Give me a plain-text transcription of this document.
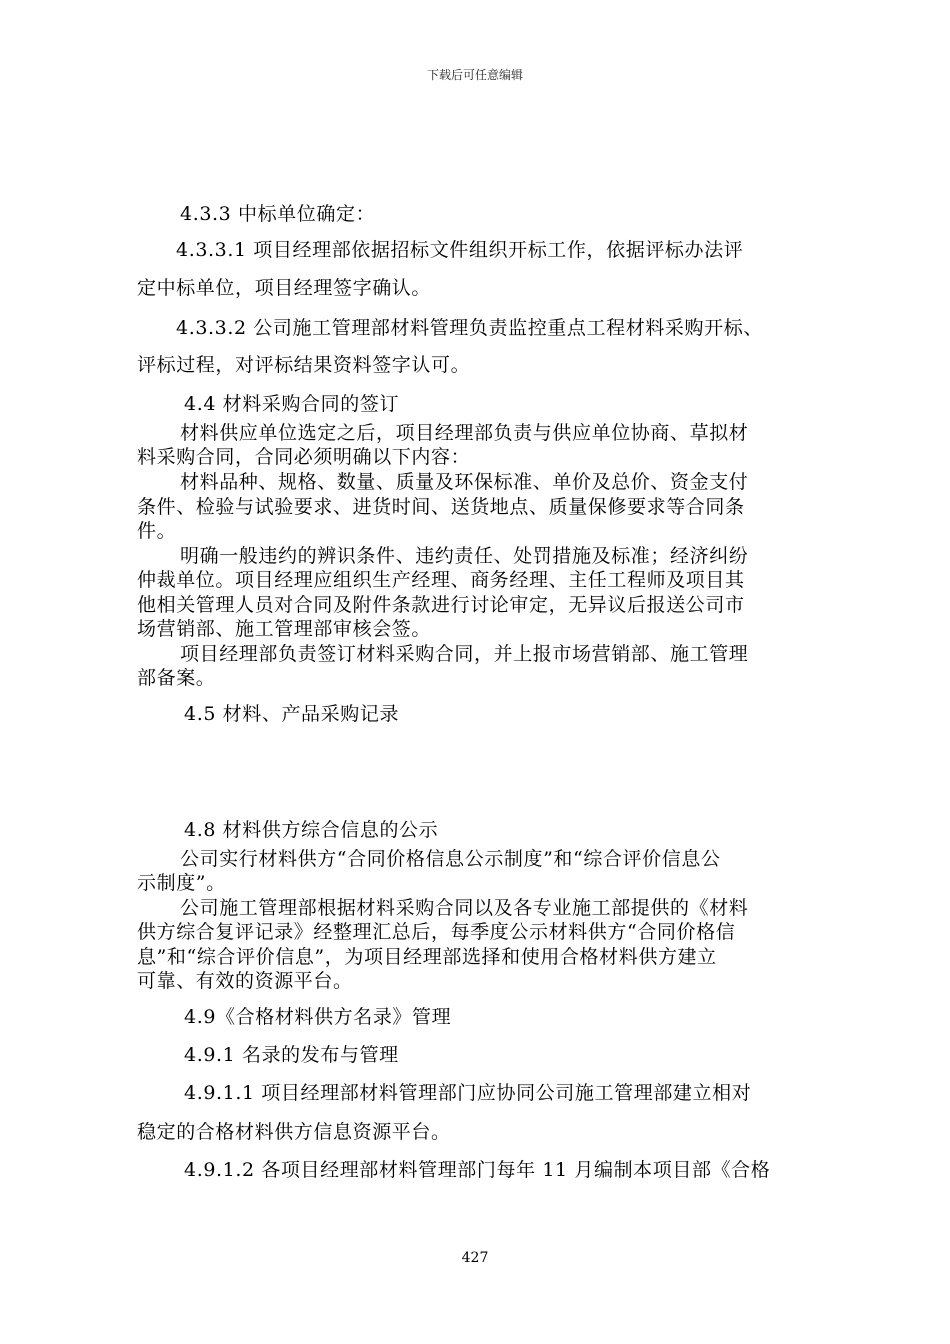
下载后可任意编辑
4.3.3 中标单位确定：
4.3.3.1 项目经理部依据招标文件组织开标工作，依据评标办法评
定中标单位，项目经理签字确认。
4.3.3.2 公司施工管理部材料管理负责监控重点工程材料采购开标、
评标过程，对评标结果资料签字认可。
4.4 材料采购合同的签订
材料供应单位选定之后，项目经理部负责与供应单位协商、草拟材
料采购合同，合同必须明确以下内容：
材料品种、规格、数量、质量及环保标准、单价及总价、资金支付
条件、检验与试验要求、进货时间、送货地点、质量保修要求等合同条
件。
明确一般违约的辨识条件、违约责任、处罚措施及标准；经济纠纷
仲裁单位。项目经理应组织生产经理、商务经理、主任工程师及项目其
他相关管理人员对合同及附件条款进行讨论审定，无异议后报送公司市
场营销部、施工管理部审核会签。
项目经理部负责签订材料采购合同，并上报市场营销部、施工管理
部备案。
4.5 材料、产品采购记录
4.8 材料供方综合信息的公示
公司实行材料供方“合同价格信息公示制度”和“综合评价信息公
示制度”。
公司施工管理部根据材料采购合同以及各专业施工部提供的《材料
供方综合复评记录》经整理汇总后，每季度公示材料供方“合同价格信
息”和“综合评价信息”，为项目经理部选择和使用合格材料供方建立
可靠、有效的资源平台。
4.9《合格材料供方名录》管理
4.9.1 名录的发布与管理
4.9.1.1 项目经理部材料管理部门应协同公司施工管理部建立相对
稳定的合格材料供方信息资源平台。
4.9.1.2 各项目经理部材料管理部门每年 11 月编制本项目部《合格
427
